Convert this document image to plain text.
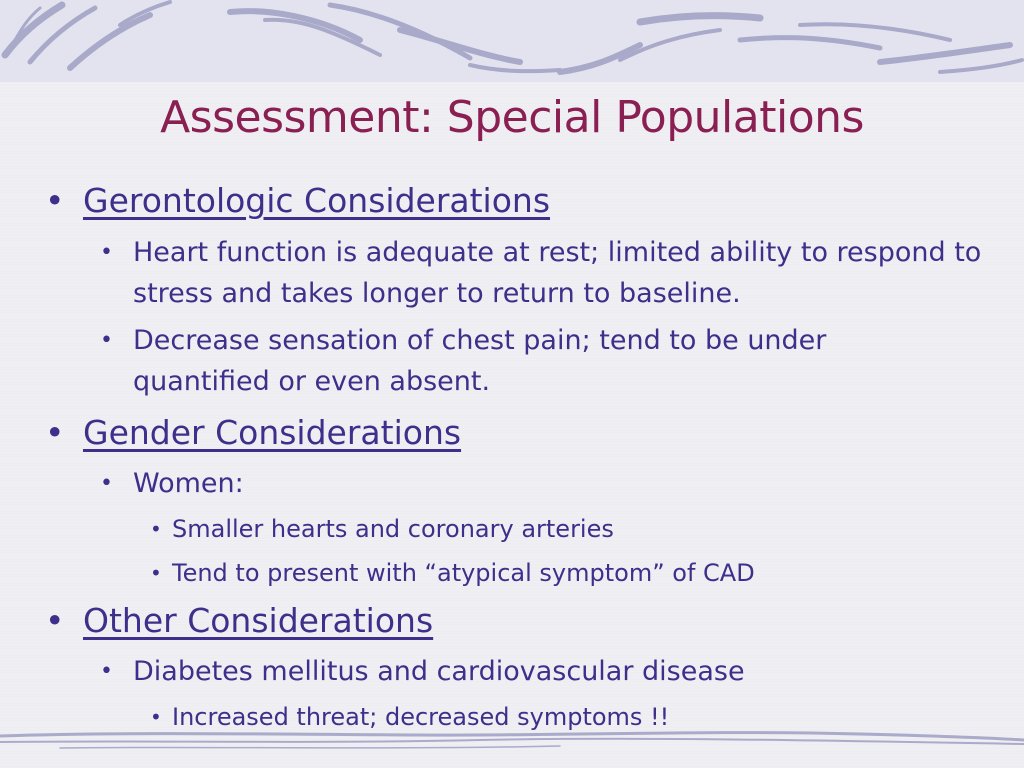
Assessment: Special Populations
• Gerontologic Considerations
• Heart function is adequate at rest; limited ability to respond to stress and takes longer to return to baseline.
• Decrease sensation of chest pain; tend to be under quantified or even absent.
• Gender Considerations
• Women:
• Smaller hearts and coronary arteries
• Tend to present with “atypical symptom” of CAD
• Other Considerations
• Diabetes mellitus and cardiovascular disease
• Increased threat; decreased symptoms !!
